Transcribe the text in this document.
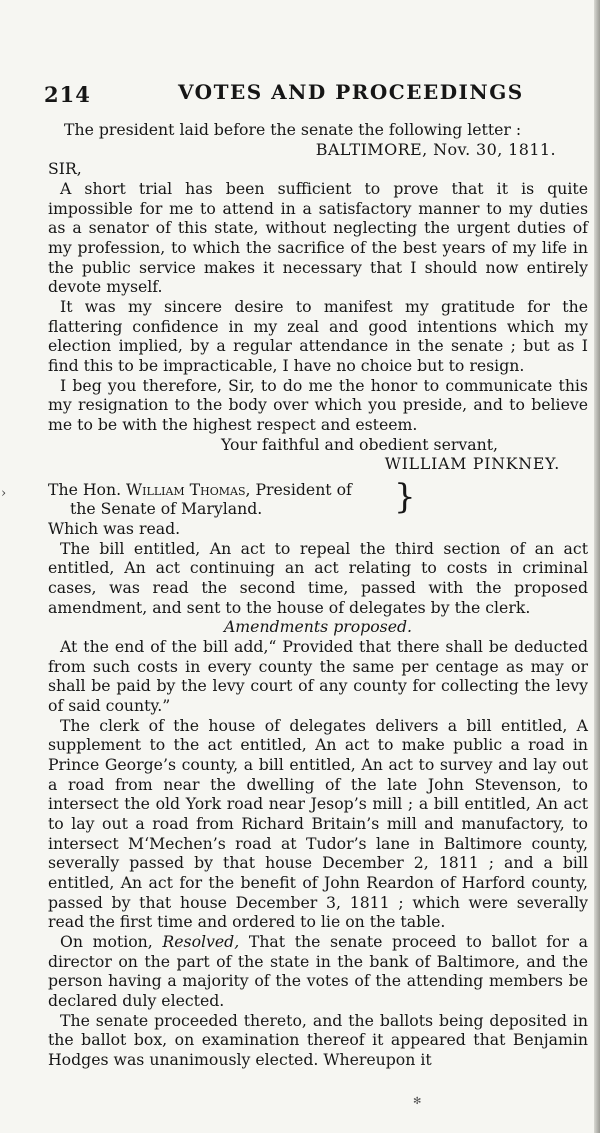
214	VOTES AND PROCEEDINGS
›

The president laid before the senate the following letter :

BALTIMORE, Nov. 30, 1811.

SIR,

A short trial has been sufficient to prove that it is quite impossible for me to attend in a satisfactory manner to my duties as a senator of this state, without neglecting the urgent duties of my profession, to which the sacrifice of the best years of my life in the public service makes it necessary that I should now entirely devote myself.

It was my sincere desire to manifest my gratitude for the flattering confidence in my zeal and good intentions which my election implied, by a regular attendance in the senate ; but as I find this to be impracticable, I have no choice but to resign.

I beg you therefore, Sir, to do me the honor to communicate this my resignation to the body over which you preside, and to believe me to be with the highest respect and esteem.

Your faithful and obedient servant,

WILLIAM PINKNEY.

The Hon. William Thomas, President of

the Senate of Maryland.	}

Which was read.

The bill entitled, An act to repeal the third section of an act entitled, An act continuing an act relating to costs in criminal cases, was read the second time, passed with the proposed amendment, and sent to the house of delegates by the clerk.

Amendments proposed.

At the end of the bill add,“ Provided that there shall be deducted from such costs in every county the same per centage as may or shall be paid by the levy court of any county for collecting the levy of said county.”

The clerk of the house of delegates delivers a bill entitled, A supplement to the act entitled, An act to make public a road in Prince George’s county, a bill entitled, An act to survey and lay out a road from near the dwelling of the late John Stevenson, to intersect the old York road near Jesop’s mill ; a bill entitled, An act to lay out a road from Richard Britain’s mill and manufactory, to intersect M‘Mechen’s road at Tudor’s lane in Baltimore county, severally passed by that house December 2, 1811 ; and a bill entitled, An act for the benefit of John Reardon of Harford county, passed by that house December 3, 1811 ; which were severally read the first time and ordered to lie on the table.

On motion, Resolved, That the senate proceed to ballot for a director on the part of the state in the bank of Baltimore, and the person having a majority of the votes of the attending members be declared duly elected.

The senate proceeded thereto, and the ballots being deposited in the ballot box, on examination thereof it appeared that Benjamin Hodges was unanimously elected. Whereupon it

✻
